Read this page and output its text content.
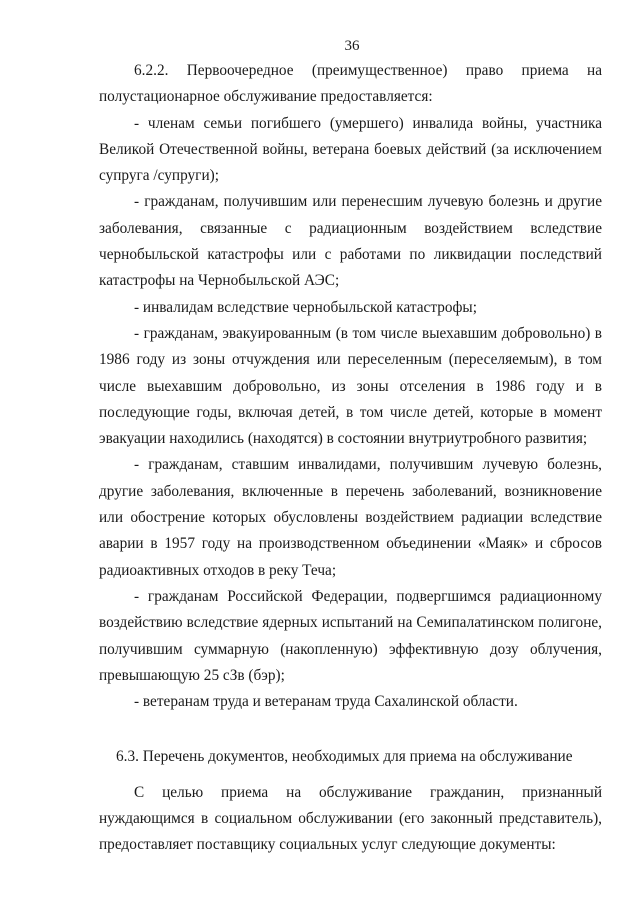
36

6.2.2. Первоочередное (преимущественное) право приема на полустационарное обслуживание предоставляется:

- членам семьи погибшего (умершего) инвалида войны, участника Великой Отечественной войны, ветерана боевых действий (за исключением супруга /супруги);

- гражданам, получившим или перенесшим лучевую болезнь и другие заболевания, связанные с радиационным воздействием вследствие чернобыльской катастрофы или с работами по ликвидации последствий катастрофы на Чернобыльской АЭС;

- инвалидам вследствие чернобыльской катастрофы;

- гражданам, эвакуированным (в том числе выехавшим добровольно) в 1986 году из зоны отчуждения или переселенным (переселяемым), в том числе выехавшим добровольно, из зоны отселения в 1986 году и в последующие годы, включая детей, в том числе детей, которые в момент эвакуации находились (находятся) в состоянии внутриутробного развития;

- гражданам, ставшим инвалидами, получившим лучевую болезнь, другие заболевания, включенные в перечень заболеваний, возникновение или обострение которых обусловлены воздействием радиации вследствие аварии в 1957 году на производственном объединении «Маяк» и сбросов радиоактивных отходов в реку Теча;

- гражданам Российской Федерации, подвергшимся радиационному воздействию вследствие ядерных испытаний на Семипалатинском полигоне, получившим суммарную (накопленную) эффективную дозу облучения, превышающую 25 сЗв (бэр);

- ветеранам труда и ветеранам труда Сахалинской области.

6.3. Перечень документов, необходимых для приема на обслуживание

С целью приема на обслуживание гражданин, признанный нуждающимся в социальном обслуживании (его законный представитель), предоставляет поставщику социальных услуг следующие документы:
